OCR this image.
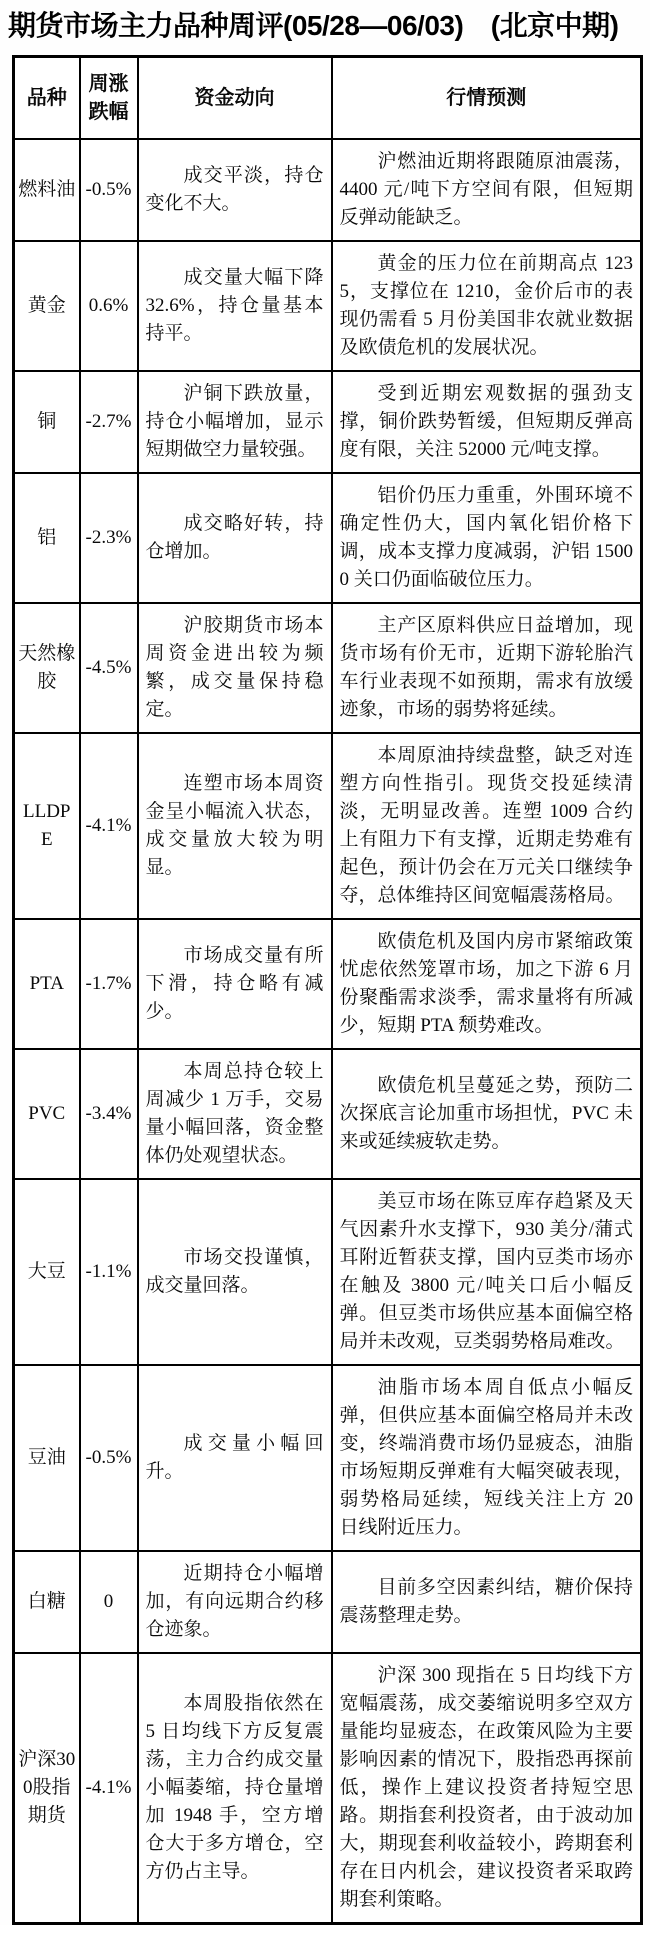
期货市场主力品种周评(05/28—06/03)　(北京中期)
品种	周涨跌幅	资金动向	行情预测
燃料油	-0.5%	成交平淡，持仓变化不大。	沪燃油近期将跟随原油震荡，4400 元/吨下方空间有限，但短期反弹动能缺乏。
黄金	0.6%	成交量大幅下降 32.6%，持仓量基本持平。	黄金的压力位在前期高点 1235，支撑位在 1210，金价后市的表现仍需看 5 月份美国非农就业数据及欧债危机的发展状况。
铜	-2.7%	沪铜下跌放量，持仓小幅增加，显示短期做空力量较强。	受到近期宏观数据的强劲支撑，铜价跌势暂缓，但短期反弹高度有限，关注 52000 元/吨支撑。
铝	-2.3%	成交略好转，持仓增加。	铝价仍压力重重，外围环境不确定性仍大，国内氧化铝价格下调，成本支撑力度减弱，沪铝 15000 关口仍面临破位压力。
天然橡胶	-4.5%	沪胶期货市场本周资金进出较为频繁，成交量保持稳定。	主产区原料供应日益增加，现货市场有价无市，近期下游轮胎汽车行业表现不如预期，需求有放缓迹象，市场的弱势将延续。
LLDPE	-4.1%	连塑市场本周资金呈小幅流入状态，成交量放大较为明显。	本周原油持续盘整，缺乏对连塑方向性指引。现货交投延续清淡，无明显改善。连塑 1009 合约上有阻力下有支撑，近期走势难有起色，预计仍会在万元关口继续争夺，总体维持区间宽幅震荡格局。
PTA	-1.7%	市场成交量有所下滑，持仓略有减少。	欧债危机及国内房市紧缩政策忧虑依然笼罩市场，加之下游 6 月份聚酯需求淡季，需求量将有所减少，短期 PTA 颓势难改。
PVC	-3.4%	本周总持仓较上周减少 1 万手，交易量小幅回落，资金整体仍处观望状态。	欧债危机呈蔓延之势，预防二次探底言论加重市场担忧，PVC 未来或延续疲软走势。
大豆	-1.1%	市场交投谨慎，成交量回落。	美豆市场在陈豆库存趋紧及天气因素升水支撑下，930 美分/蒲式耳附近暂获支撑，国内豆类市场亦在触及 3800 元/吨关口后小幅反弹。但豆类市场供应基本面偏空格局并未改观，豆类弱势格局难改。
豆油	-0.5%	成交量小幅回升。	油脂市场本周自低点小幅反弹，但供应基本面偏空格局并未改变，终端消费市场仍显疲态，油脂市场短期反弹难有大幅突破表现，弱势格局延续，短线关注上方 20 日线附近压力。
白糖	0	近期持仓小幅增加，有向远期合约移仓迹象。	目前多空因素纠结，糖价保持震荡整理走势。
沪深300股指期货	-4.1%	本周股指依然在 5 日均线下方反复震荡，主力合约成交量小幅萎缩，持仓量增加 1948 手，空方增仓大于多方增仓，空方仍占主导。	沪深 300 现指在 5 日均线下方宽幅震荡，成交萎缩说明多空双方量能均显疲态，在政策风险为主要影响因素的情况下，股指恐再探前低，操作上建议投资者持短空思路。期指套利投资者，由于波动加大，期现套利收益较小，跨期套利存在日内机会，建议投资者采取跨期套利策略。
